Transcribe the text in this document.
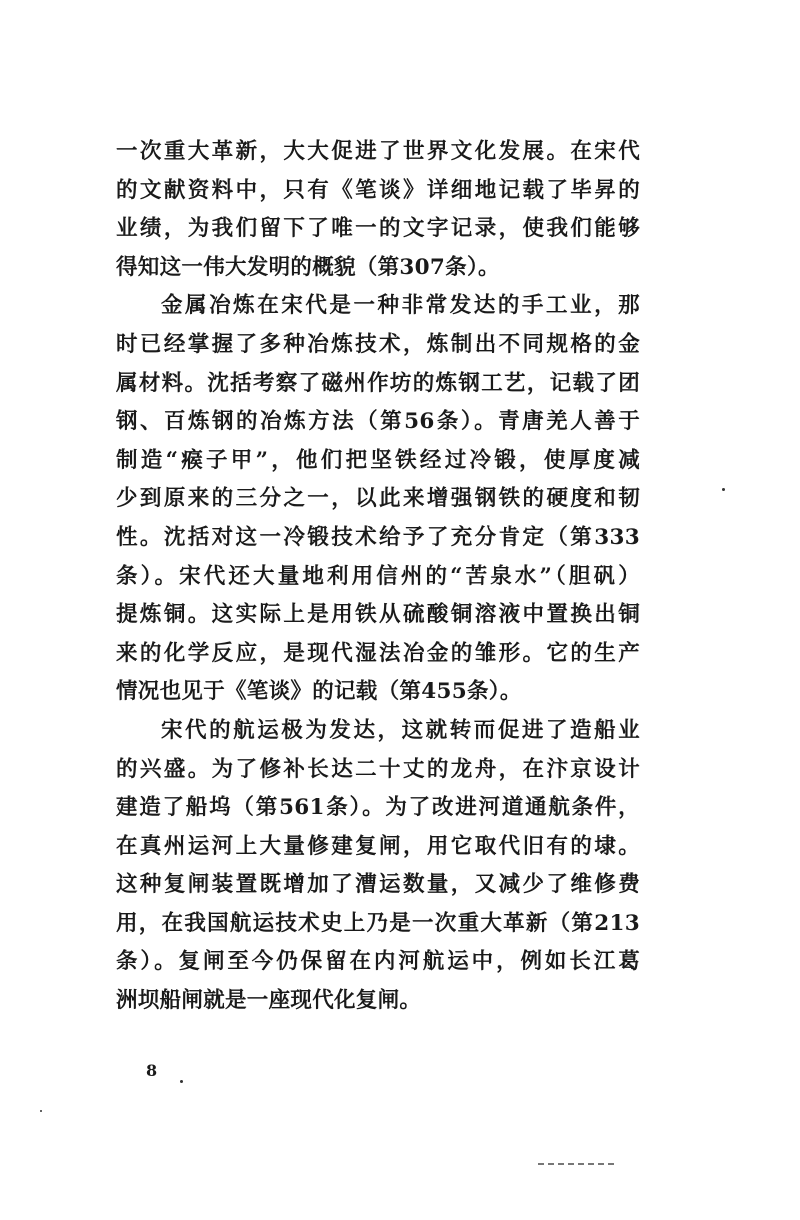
一次重大革新，大大促进了世界文化发展。在宋代
的文献资料中，只有《笔谈》详细地记载了毕昇的
业绩，为我们留下了唯一的文字记录，使我们能够
得知这一伟大发明的概貌（第307条）。
金属冶炼在宋代是一种非常发达的手工业，那
时已经掌握了多种冶炼技术，炼制出不同规格的金
属材料。沈括考察了磁州作坊的炼钢工艺，记载了团
钢、百炼钢的冶炼方法（第56条）。青唐羌人善于
制造“瘊子甲”，他们把坚铁经过冷锻，使厚度减
少到原来的三分之一，以此来增强钢铁的硬度和韧
性。沈括对这一冷锻技术给予了充分肯定（第333
条）。宋代还大量地利用信州的“苦泉水”（胆矾）
提炼铜。这实际上是用铁从硫酸铜溶液中置换出铜
来的化学反应，是现代湿法冶金的雏形。它的生产
情况也见于《笔谈》的记载（第455条）。
宋代的航运极为发达，这就转而促进了造船业
的兴盛。为了修补长达二十丈的龙舟，在汴京设计
建造了船坞（第561条）。为了改进河道通航条件，
在真州运河上大量修建复闸，用它取代旧有的埭。
这种复闸装置既增加了漕运数量，又减少了维修费
用，在我国航运技术史上乃是一次重大革新（第213
条）。复闸至今仍保留在内河航运中，例如长江葛
洲坝船闸就是一座现代化复闸。
8
